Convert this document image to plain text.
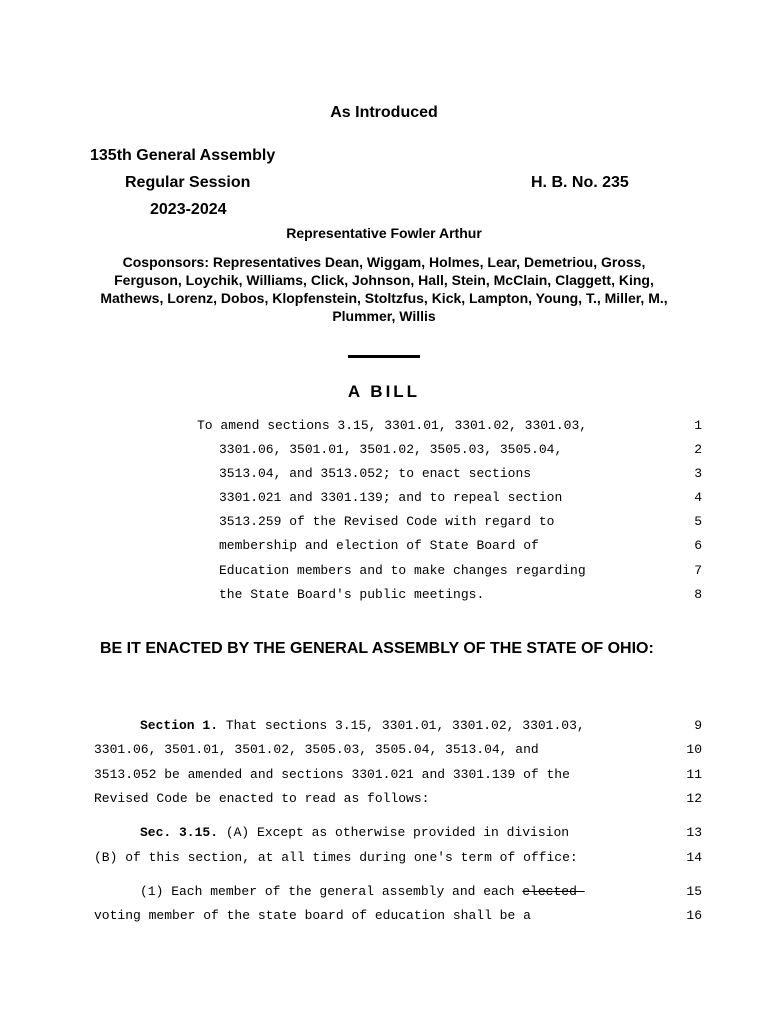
As Introduced
135th General Assembly
Regular Session
2023-2024
H. B. No. 235
Representative Fowler Arthur
Cosponsors: Representatives Dean, Wiggam, Holmes, Lear, Demetriou, Gross, Ferguson, Loychik, Williams, Click, Johnson, Hall, Stein, McClain, Claggett, King, Mathews, Lorenz, Dobos, Klopfenstein, Stoltzfus, Kick, Lampton, Young, T., Miller, M., Plummer, Willis
A BILL
To amend sections 3.15, 3301.01, 3301.02, 3301.03,	1
3301.06, 3501.01, 3501.02, 3505.03, 3505.04,	2
3513.04, and 3513.052; to enact sections	3
3301.021 and 3301.139; and to repeal section	4
3513.259 of the Revised Code with regard to	5
membership and election of State Board of	6
Education members and to make changes regarding	7
the State Board's public meetings.	8
BE IT ENACTED BY THE GENERAL ASSEMBLY OF THE STATE OF OHIO:
Section 1. That sections 3.15, 3301.01, 3301.02, 3301.03,	9
3301.06, 3501.01, 3501.02, 3505.03, 3505.04, 3513.04, and	10
3513.052 be amended and sections 3301.021 and 3301.139 of the	11
Revised Code be enacted to read as follows:	12
Sec. 3.15. (A) Except as otherwise provided in division	13
(B) of this section, at all times during one's term of office:	14
(1) Each member of the general assembly and each elected	15
voting member of the state board of education shall be a	16
